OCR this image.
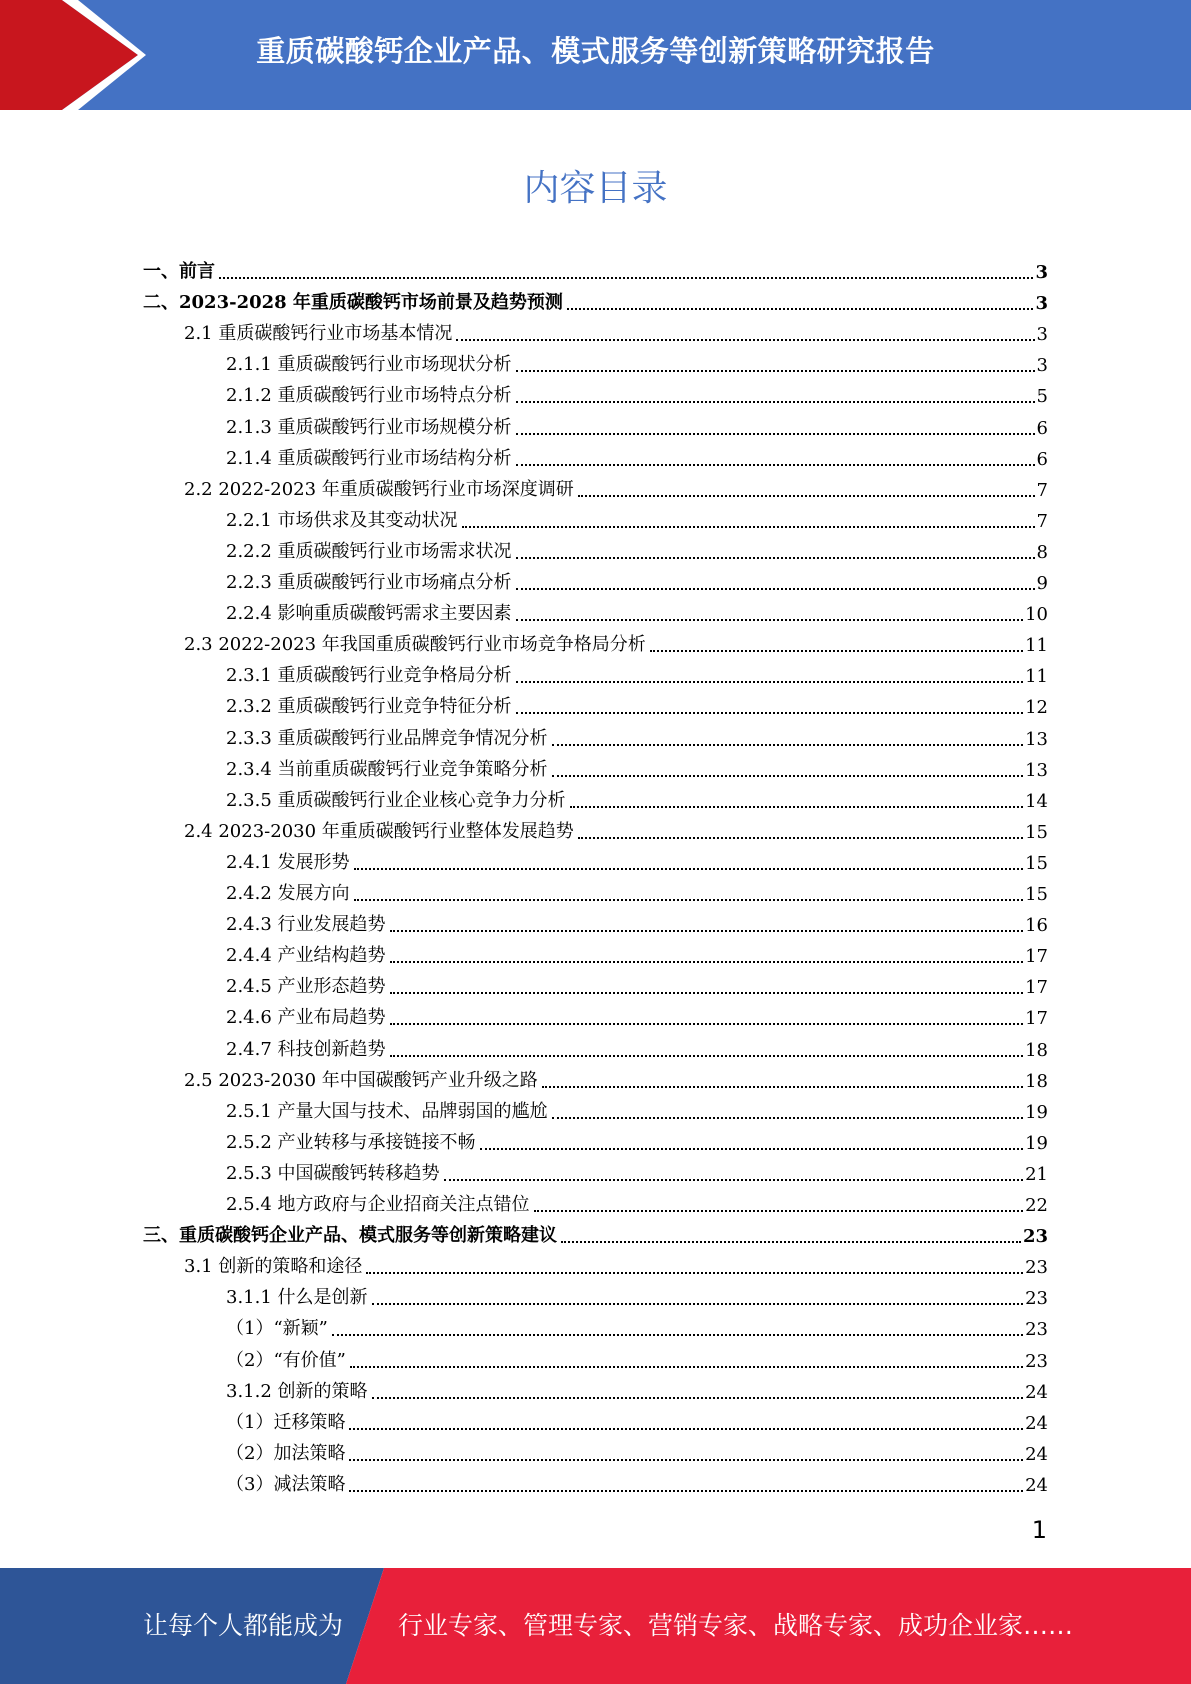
重质碳酸钙企业产品、模式服务等创新策略研究报告
内容目录
一、前言	3
二、2023-2028 年重质碳酸钙市场前景及趋势预测	3
2.1 重质碳酸钙行业市场基本情况	3
2.1.1 重质碳酸钙行业市场现状分析	3
2.1.2 重质碳酸钙行业市场特点分析	5
2.1.3 重质碳酸钙行业市场规模分析	6
2.1.4 重质碳酸钙行业市场结构分析	6
2.2 2022-2023 年重质碳酸钙行业市场深度调研	7
2.2.1 市场供求及其变动状况	7
2.2.2 重质碳酸钙行业市场需求状况	8
2.2.3 重质碳酸钙行业市场痛点分析	9
2.2.4 影响重质碳酸钙需求主要因素	10
2.3 2022-2023 年我国重质碳酸钙行业市场竞争格局分析	11
2.3.1 重质碳酸钙行业竞争格局分析	11
2.3.2 重质碳酸钙行业竞争特征分析	12
2.3.3 重质碳酸钙行业品牌竞争情况分析	13
2.3.4 当前重质碳酸钙行业竞争策略分析	13
2.3.5 重质碳酸钙行业企业核心竞争力分析	14
2.4 2023-2030 年重质碳酸钙行业整体发展趋势	15
2.4.1 发展形势	15
2.4.2 发展方向	15
2.4.3 行业发展趋势	16
2.4.4 产业结构趋势	17
2.4.5 产业形态趋势	17
2.4.6 产业布局趋势	17
2.4.7 科技创新趋势	18
2.5 2023-2030 年中国碳酸钙产业升级之路	18
2.5.1 产量大国与技术、品牌弱国的尴尬	19
2.5.2 产业转移与承接链接不畅	19
2.5.3 中国碳酸钙转移趋势	21
2.5.4 地方政府与企业招商关注点错位	22
三、重质碳酸钙企业产品、模式服务等创新策略建议	23
3.1 创新的策略和途径	23
3.1.1 什么是创新	23
（1）“新颖”	23
（2）“有价值”	23
3.1.2 创新的策略	24
（1）迁移策略	24
（2）加法策略	24
（3）减法策略	24
1
让每个人都能成为 行业专家、管理专家、营销专家、战略专家、成功企业家……
